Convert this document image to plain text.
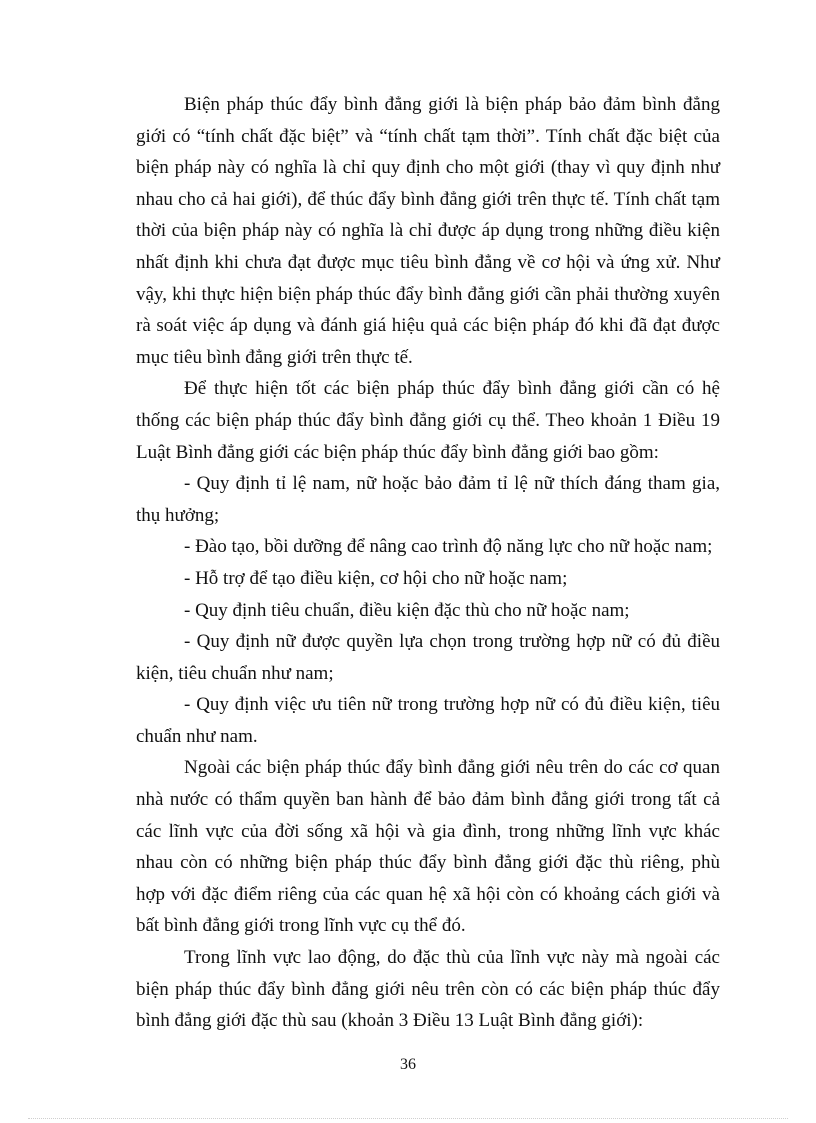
Biện pháp thúc đẩy bình đẳng giới là biện pháp bảo đảm bình đẳng giới có “tính chất đặc biệt” và “tính chất tạm thời”. Tính chất đặc biệt của biện pháp này có nghĩa là chỉ quy định cho một giới (thay vì quy định như nhau cho cả hai giới), để thúc đẩy bình đẳng giới trên thực tế. Tính chất tạm thời của biện pháp này có nghĩa là chỉ được áp dụng trong những điều kiện nhất định khi chưa đạt được mục tiêu bình đẳng về cơ hội và ứng xử. Như vậy, khi thực hiện biện pháp thúc đẩy bình đẳng giới cần phải thường xuyên rà soát việc áp dụng và đánh giá hiệu quả các biện pháp đó khi đã đạt được mục tiêu bình đẳng giới trên thực tế.

Để thực hiện tốt các biện pháp thúc đẩy bình đẳng giới cần có hệ thống các biện pháp thúc đẩy bình đẳng giới cụ thể. Theo khoản 1 Điều 19 Luật Bình đẳng giới các biện pháp thúc đẩy bình đẳng giới bao gồm:

- Quy định tỉ lệ nam, nữ hoặc bảo đảm tỉ lệ nữ thích đáng tham gia, thụ hưởng;

- Đào tạo, bồi dưỡng để nâng cao trình độ năng lực cho nữ hoặc nam;

- Hỗ trợ để tạo điều kiện, cơ hội cho nữ hoặc nam;

- Quy định tiêu chuẩn, điều kiện đặc thù cho nữ hoặc nam;

- Quy định nữ được quyền lựa chọn trong trường hợp nữ có đủ điều kiện, tiêu chuẩn như nam;

- Quy định việc ưu tiên nữ trong trường hợp nữ có đủ điều kiện, tiêu chuẩn như nam.

Ngoài các biện pháp thúc đẩy bình đẳng giới nêu trên do các cơ quan nhà nước có thẩm quyền ban hành để bảo đảm bình đẳng giới trong tất cả các lĩnh vực của đời sống xã hội và gia đình, trong những lĩnh vực khác nhau còn có những biện pháp thúc đẩy bình đẳng giới đặc thù riêng, phù hợp với đặc điểm riêng của các quan hệ xã hội còn có khoảng cách giới và bất bình đẳng giới trong lĩnh vực cụ thể đó.

Trong lĩnh vực lao động, do đặc thù của lĩnh vực này mà ngoài các biện pháp thúc đẩy bình đẳng giới nêu trên còn có các biện pháp thúc đẩy bình đẳng giới đặc thù sau (khoản 3 Điều 13 Luật Bình đẳng giới):

36
